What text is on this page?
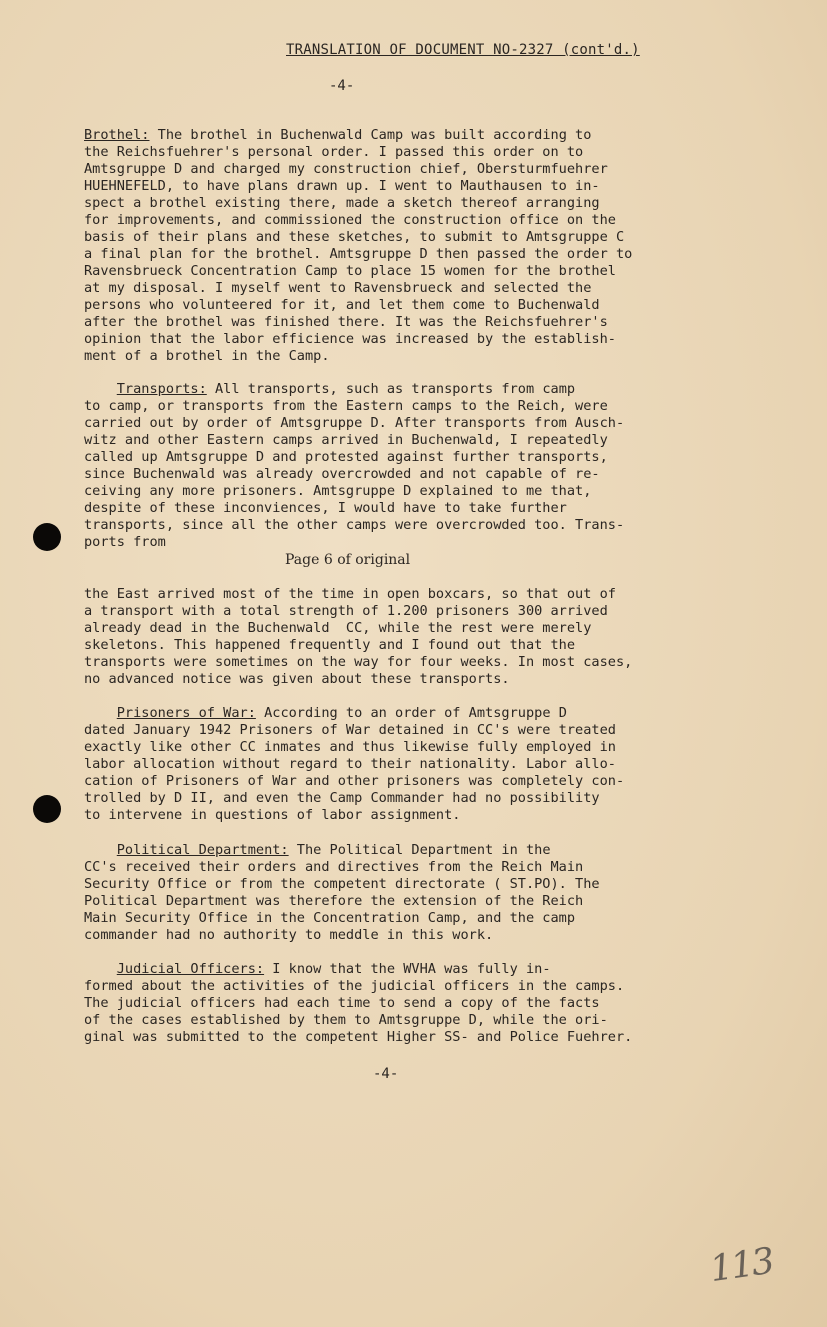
TRANSLATION OF DOCUMENT NO-2327 (cont'd.)
-4-
Brothel: The brothel in Buchenwald Camp was built according to
the Reichsfuehrer's personal order. I passed this order on to
Amtsgruppe D and charged my construction chief, Obersturmfuehrer
HUEHNEFELD, to have plans drawn up. I went to Mauthausen to in-
spect a brothel existing there, made a sketch thereof arranging
for improvements, and commissioned the construction office on the
basis of their plans and these sketches, to submit to Amtsgruppe C
a final plan for the brothel. Amtsgruppe D then passed the order to
Ravensbrueck Concentration Camp to place 15 women for the brothel
at my disposal. I myself went to Ravensbrueck and selected the
persons who volunteered for it, and let them come to Buchenwald
after the brothel was finished there. It was the Reichsfuehrer's
opinion that the labor efficience was increased by the establish-
ment of a brothel in the Camp.
Transports: All transports, such as transports from camp
to camp, or transports from the Eastern camps to the Reich, were
carried out by order of Amtsgruppe D. After transports from Ausch-
witz and other Eastern camps arrived in Buchenwald, I repeatedly
called up Amtsgruppe D and protested against further transports,
since Buchenwald was already overcrowded and not capable of re-
ceiving any more prisoners. Amtsgruppe D explained to me that,
despite of these inconviences, I would have to take further
transports, since all the other camps were overcrowded too. Trans-
ports from
Page 6 of original
the East arrived most of the time in open boxcars, so that out of
a transport with a total strength of 1.200 prisoners 300 arrived
already dead in the Buchenwald  CC, while the rest were merely
skeletons. This happened frequently and I found out that the
transports were sometimes on the way for four weeks. In most cases,
no advanced notice was given about these transports.
Prisoners of War: According to an order of Amtsgruppe D
dated January 1942 Prisoners of War detained in CC's were treated
exactly like other CC inmates and thus likewise fully employed in
labor allocation without regard to their nationality. Labor allo-
cation of Prisoners of War and other prisoners was completely con-
trolled by D II, and even the Camp Commander had no possibility
to intervene in questions of labor assignment.
Political Department: The Political Department in the
CC's received their orders and directives from the Reich Main
Security Office or from the competent directorate ( ST.PO). The
Political Department was therefore the extension of the Reich
Main Security Office in the Concentration Camp, and the camp
commander had no authority to meddle in this work.
Judicial Officers: I know that the WVHA was fully in-
formed about the activities of the judicial officers in the camps.
The judicial officers had each time to send a copy of the facts
of the cases established by them to Amtsgruppe D, while the ori-
ginal was submitted to the competent Higher SS- and Police Fuehrer.
-4-
113
